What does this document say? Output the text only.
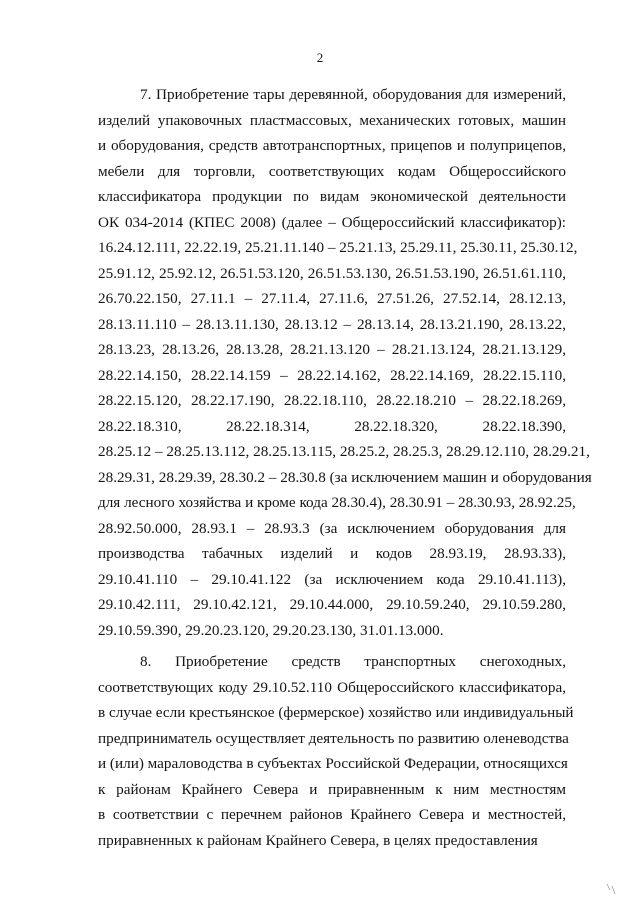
2

7. Приобретение тары деревянной, оборудования для измерений,
изделий упаковочных пластмассовых, механических готовых, машин
и оборудования, средств автотранспортных, прицепов и полуприцепов,
мебели для торговли, соответствующих кодам Общероссийского
классификатора продукции по видам экономической деятельности
ОК 034-2014 (КПЕС 2008) (далее – Общероссийский классификатор):
16.24.12.111, 22.22.19, 25.21.11.140 – 25.21.13, 25.29.11, 25.30.11, 25.30.12,
25.91.12, 25.92.12, 26.51.53.120, 26.51.53.130, 26.51.53.190, 26.51.61.110,
26.70.22.150, 27.11.1 – 27.11.4, 27.11.6, 27.51.26, 27.52.14, 28.12.13,
28.13.11.110 – 28.13.11.130, 28.13.12 – 28.13.14, 28.13.21.190, 28.13.22,
28.13.23, 28.13.26, 28.13.28, 28.21.13.120 – 28.21.13.124, 28.21.13.129,
28.22.14.150, 28.22.14.159 – 28.22.14.162, 28.22.14.169, 28.22.15.110,
28.22.15.120, 28.22.17.190, 28.22.18.110, 28.22.18.210 – 28.22.18.269,
28.22.18.310, 28.22.18.314, 28.22.18.320, 28.22.18.390,
28.25.12 – 28.25.13.112, 28.25.13.115, 28.25.2, 28.25.3, 28.29.12.110, 28.29.21,
28.29.31, 28.29.39, 28.30.2 – 28.30.8 (за исключением машин и оборудования
для лесного хозяйства и кроме кода 28.30.4), 28.30.91 – 28.30.93, 28.92.25,
28.92.50.000, 28.93.1 – 28.93.3 (за исключением оборудования для
производства табачных изделий и кодов 28.93.19, 28.93.33),
29.10.41.110 – 29.10.41.122 (за исключением кода 29.10.41.113),
29.10.42.111, 29.10.42.121, 29.10.44.000, 29.10.59.240, 29.10.59.280,
29.10.59.390, 29.20.23.120, 29.20.23.130, 31.01.13.000.

8. Приобретение средств транспортных снегоходных,
соответствующих коду 29.10.52.110 Общероссийского классификатора,
в случае если крестьянское (фермерское) хозяйство или индивидуальный
предприниматель осуществляет деятельность по развитию оленеводства
и (или) мараловодства в субъектах Российской Федерации, относящихся
к районам Крайнего Севера и приравненным к ним местностям
в соответствии с перечнем районов Крайнего Севера и местностей,
приравненных к районам Крайнего Севера, в целях предоставления
